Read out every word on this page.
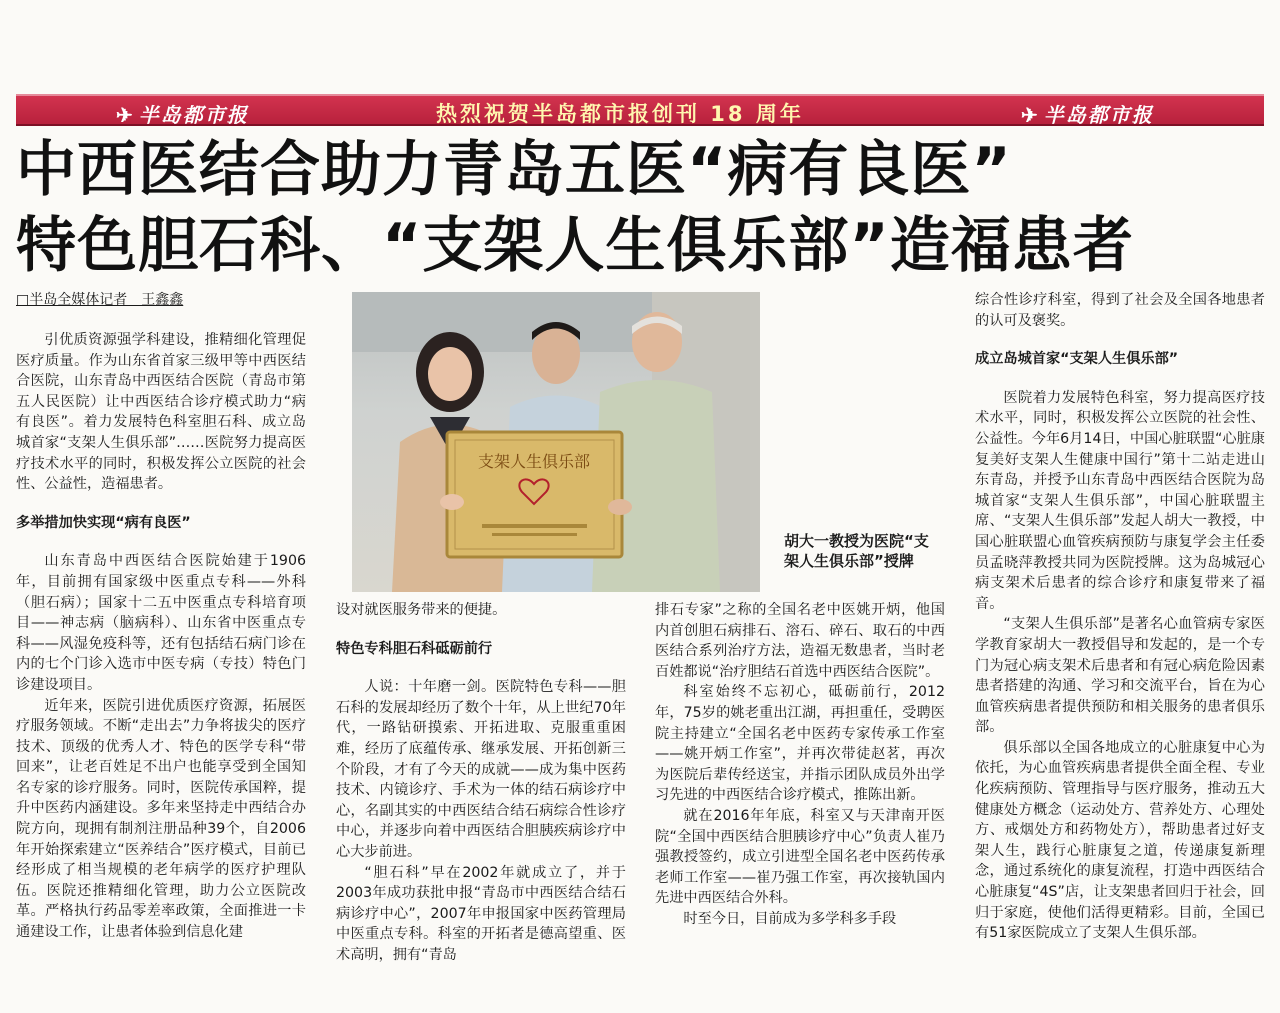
✈ 半岛都市报	热烈祝贺半岛都市报创刊 18 周年	✈ 半岛都市报
中西医结合助力青岛五医“病有良医”
特色胆石科、“支架人生俱乐部”造福患者
□半岛全媒体记者　王鑫鑫

引优质资源强学科建设，推精细化管理促医疗质量。作为山东省首家三级甲等中西医结合医院，山东青岛中西医结合医院（青岛市第五人民医院）让中西医结合诊疗模式助力“病有良医”。着力发展特色科室胆石科、成立岛城首家“支架人生俱乐部”……医院努力提高医疗技术水平的同时，积极发挥公立医院的社会性、公益性，造福患者。

多举措加快实现“病有良医”

山东青岛中西医结合医院始建于1906年，目前拥有国家级中医重点专科——外科（胆石病）；国家十二五中医重点专科培育项目——神志病（脑病科）、山东省中医重点专科——风湿免疫科等，还有包括结石病门诊在内的七个门诊入选市中医专病（专技）特色门诊建设项目。

近年来，医院引进优质医疗资源，拓展医疗服务领域。不断“走出去”力争将拔尖的医疗技术、顶级的优秀人才、特色的医学专科“带回来”，让老百姓足不出户也能享受到全国知名专家的诊疗服务。同时，医院传承国粹，提升中医药内涵建设。多年来坚持走中西结合办院方向，现拥有制剂注册品种39个，自2006年开始探索建立“医养结合”医疗模式，目前已经形成了相当规模的老年病学的医疗护理队伍。医院还推精细化管理，助力公立医院改革。严格执行药品零差率政策，全面推进一卡通建设工作，让患者体验到信息化建

支架人生俱乐部
胡大一教授为医院“支架人生俱乐部”授牌

设对就医服务带来的便捷。

特色专科胆石科砥砺前行

人说：十年磨一剑。医院特色专科——胆石科的发展却经历了数个十年，从上世纪70年代，一路钻研摸索、开拓进取、克服重重困难，经历了底蕴传承、继承发展、开拓创新三个阶段，才有了今天的成就——成为集中医药技术、内镜诊疗、手术为一体的结石病诊疗中心，名副其实的中西医结合结石病综合性诊疗中心，并逐步向着中西医结合胆胰疾病诊疗中心大步前进。

“胆石科”早在2002年就成立了，并于2003年成功获批申报“青岛市中西医结合结石病诊疗中心”，2007年申报国家中医药管理局中医重点专科。科室的开拓者是德高望重、医术高明，拥有“青岛

排石专家”之称的全国名老中医姚开炳，他国内首创胆石病排石、溶石、碎石、取石的中西医结合系列治疗方法，造福无数患者，当时老百姓都说“治疗胆结石首选中西医结合医院”。

科室始终不忘初心，砥砺前行，2012年，75岁的姚老重出江湖，再担重任，受聘医院主持建立“全国名老中医药专家传承工作室——姚开炳工作室”，并再次带徒赵茗，再次为医院后辈传经送宝，并指示团队成员外出学习先进的中西医结合诊疗模式，推陈出新。

就在2016年年底，科室又与天津南开医院“全国中西医结合胆胰诊疗中心”负责人崔乃强教授签约，成立引进型全国名老中医药传承老师工作室——崔乃强工作室，再次接轨国内先进中西医结合外科。

时至今日，目前成为多学科多手段

综合性诊疗科室，得到了社会及全国各地患者的认可及褒奖。

成立岛城首家“支架人生俱乐部”

医院着力发展特色科室，努力提高医疗技术水平，同时，积极发挥公立医院的社会性、公益性。今年6月14日，中国心脏联盟“心脏康复美好支架人生健康中国行”第十二站走进山东青岛，并授予山东青岛中西医结合医院为岛城首家“支架人生俱乐部”，中国心脏联盟主席、“支架人生俱乐部”发起人胡大一教授，中国心脏联盟心血管疾病预防与康复学会主任委员孟晓萍教授共同为医院授牌。这为岛城冠心病支架术后患者的综合诊疗和康复带来了福音。

“支架人生俱乐部”是著名心血管病专家医学教育家胡大一教授倡导和发起的，是一个专门为冠心病支架术后患者和有冠心病危险因素患者搭建的沟通、学习和交流平台，旨在为心血管疾病患者提供预防和相关服务的患者俱乐部。

俱乐部以全国各地成立的心脏康复中心为依托，为心血管疾病患者提供全面全程、专业化疾病预防、管理指导与医疗服务，推动五大健康处方概念（运动处方、营养处方、心理处方、戒烟处方和药物处方），帮助患者过好支架人生，践行心脏康复之道，传递康复新理念，通过系统化的康复流程，打造中西医结合心脏康复“4S”店，让支架患者回归于社会，回归于家庭，使他们活得更精彩。目前，全国已有51家医院成立了支架人生俱乐部。
